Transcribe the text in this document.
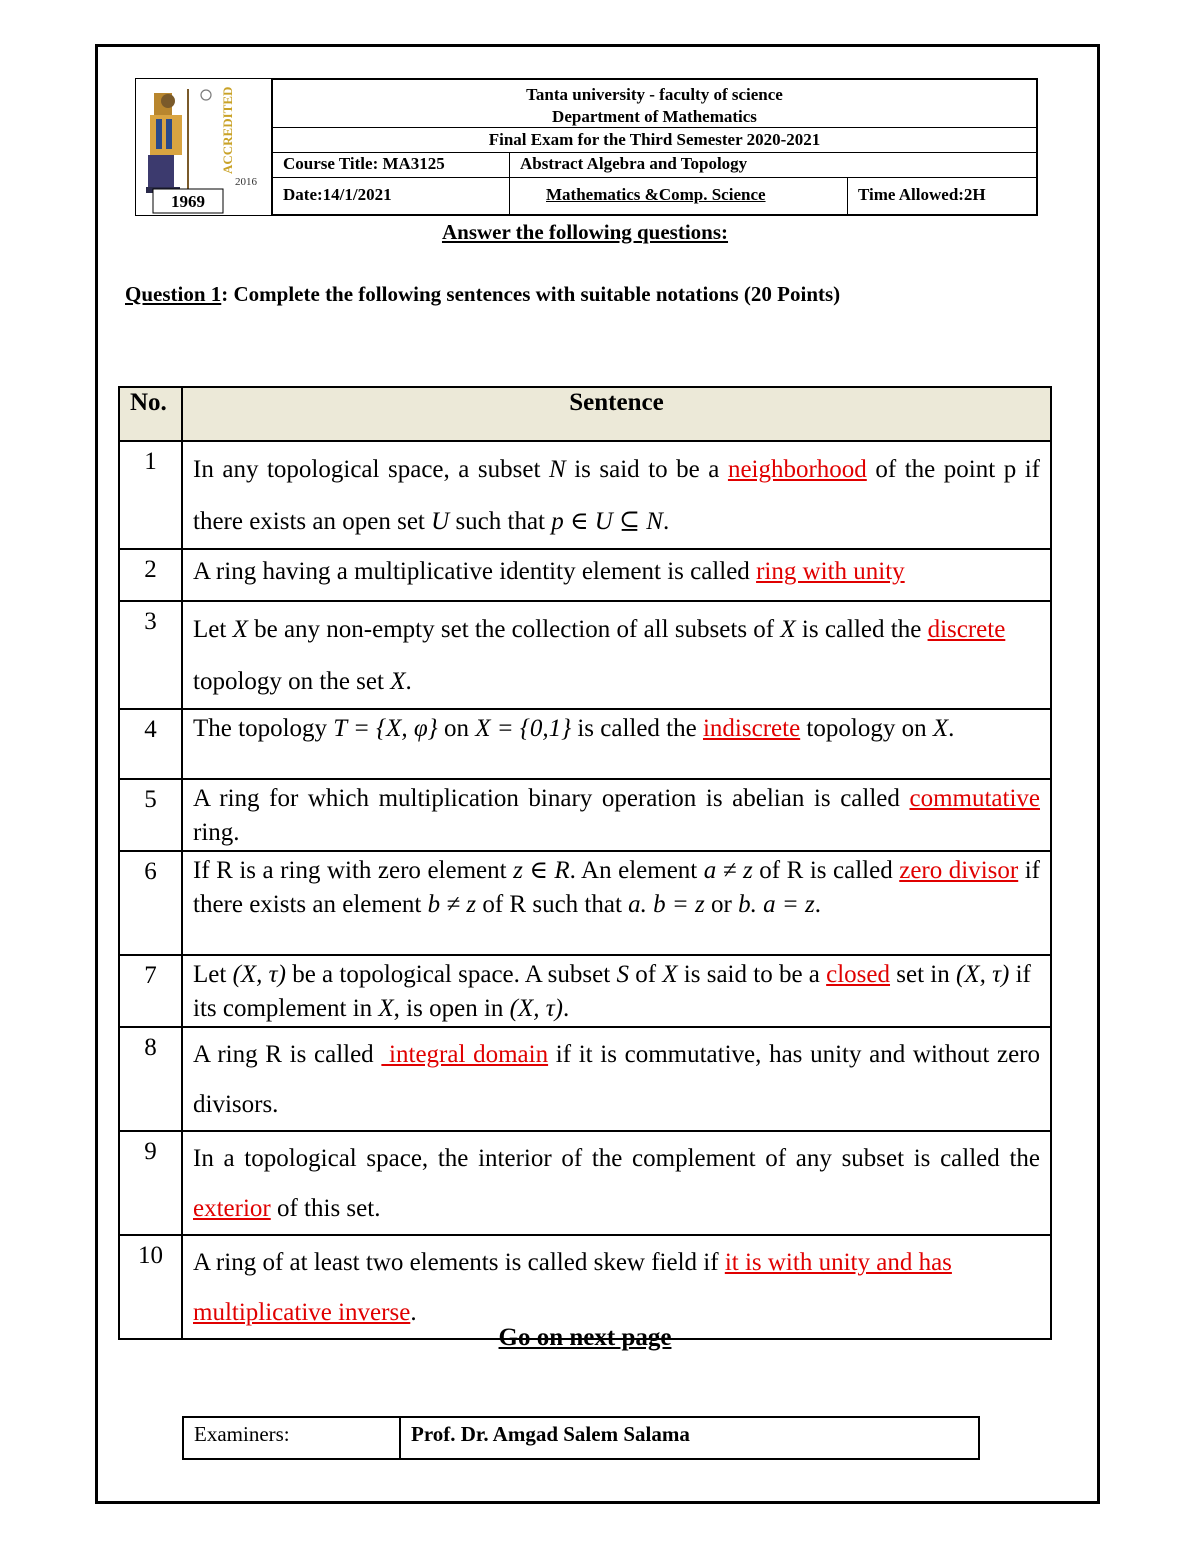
ACCREDITED
2016
1969
Tanta university - faculty of science
Department of Mathematics
Final Exam for the Third Semester 2020-2021
Course Title: MA3125	Abstract Algebra and Topology
Date:14/1/2021	Mathematics &Comp. Science	Time Allowed:2H
Answer the following questions:
Question 1: Complete the following sentences with suitable notations (20 Points)
No.	Sentence
1	In any topological space, a subset N is said to be a neighborhood of the point p if there exists an open set U such that p ∈ U ⊆ N.
2	A ring having a multiplicative identity element is called ring with unity
3	Let X be any non-empty set the collection of all subsets of X is called the discrete topology on the set X.
4	The topology T = {X, φ} on X = {0,1} is called the indiscrete topology on X.
5	A ring for which multiplication binary operation is abelian is called commutative ring.
6	If R is a ring with zero element z ∈ R. An element a ≠ z of R is called zero divisor if there exists an element b ≠ z of R such that a. b = z or b. a = z.
7	Let (X, τ) be a topological space. A subset S of X is said to be a closed set in (X, τ) if its complement in X, is open in (X, τ).
8	A ring R is called  integral domain if it is commutative, has unity and without zero divisors.
9	In a topological space, the interior of the complement of any subset is called the exterior of this set.
10	A ring of at least two elements is called skew field if it is with unity and has multiplicative inverse.
Go on next page
Examiners:	Prof. Dr. Amgad Salem Salama
